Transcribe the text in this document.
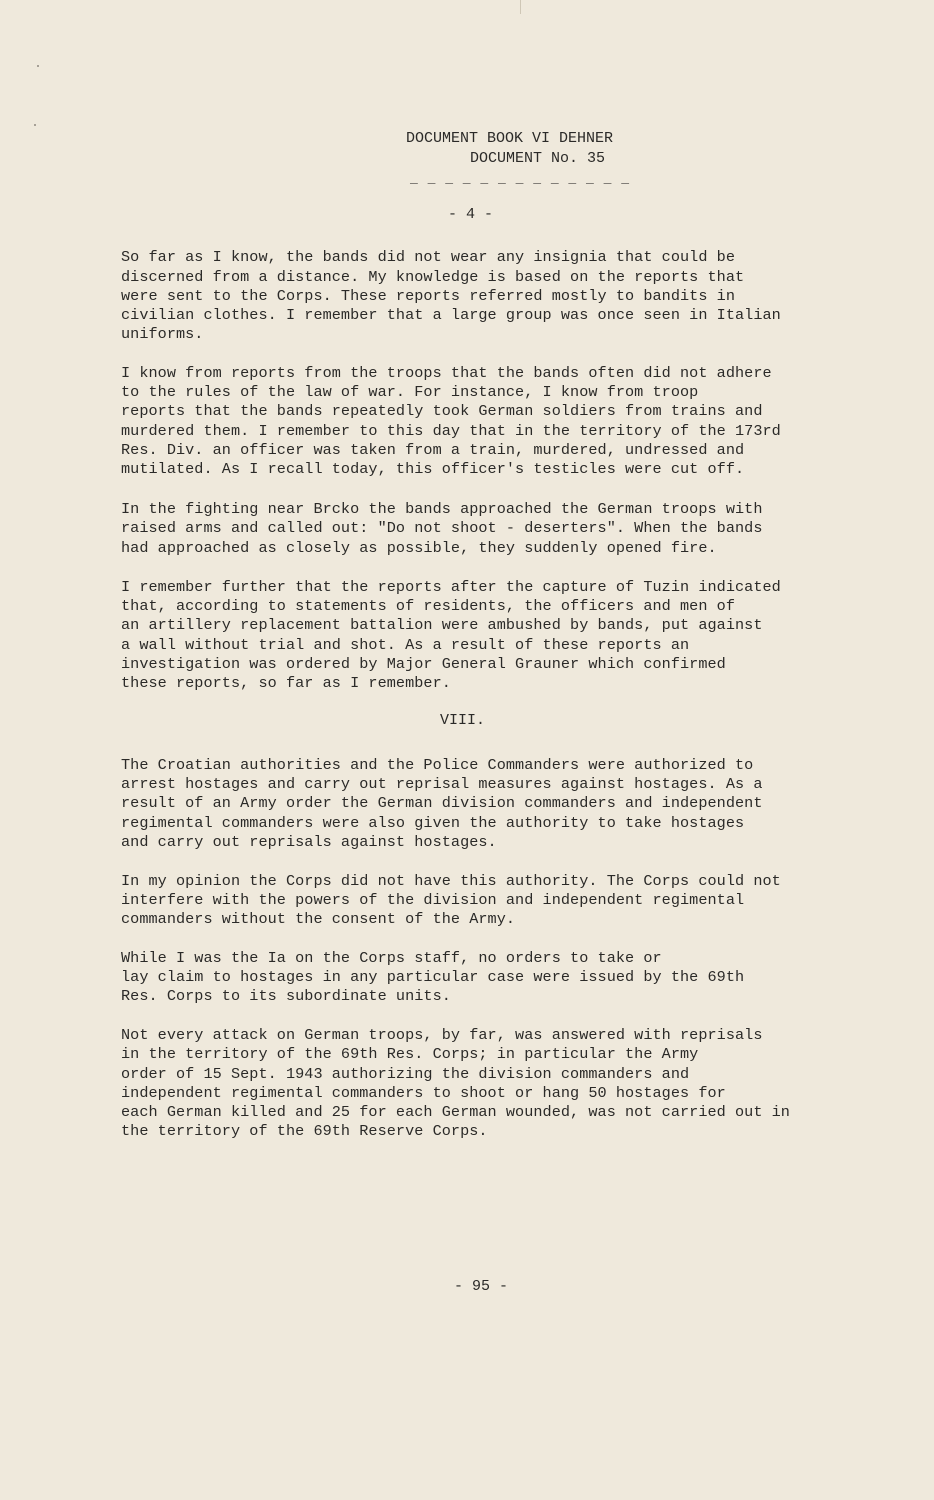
DOCUMENT BOOK VI DEHNER
DOCUMENT No. 35
_ _ _ _ _ _ _ _ _ _ _ _ _
- 4 -
So far as I know, the bands did not wear any insignia that could be
discerned from a distance. My knowledge is based on the reports that
were sent to the Corps. These reports referred mostly to bandits in
civilian clothes. I remember that a large group was once seen in Italian
uniforms.
I know from reports from the troops that the bands often did not adhere
to the rules of the law of war. For instance, I know from troop
reports that the bands repeatedly took German soldiers from trains and
murdered them. I remember to this day that in the territory of the 173rd
Res. Div. an officer was taken from a train, murdered, undressed and
mutilated. As I recall today, this officer's testicles were cut off.
In the fighting near Brcko the bands approached the German troops with
raised arms and called out: "Do not shoot - deserters". When the bands
had approached as closely as possible, they suddenly opened fire.
I remember further that the reports after the capture of Tuzin indicated
that, according to statements of residents, the officers and men of
an artillery replacement battalion were ambushed by bands, put against
a wall without trial and shot. As a result of these reports an
investigation was ordered by Major General Grauner which confirmed
these reports, so far as I remember.
VIII.
The Croatian authorities and the Police Commanders were authorized to
arrest hostages and carry out reprisal measures against hostages. As a
result of an Army order the German division commanders and independent
regimental commanders were also given the authority to take hostages
and carry out reprisals against hostages.
In my opinion the Corps did not have this authority. The Corps could not
interfere with the powers of the division and independent regimental
commanders without the consent of the Army.
While I was the Ia on the Corps staff, no orders to take or
lay claim to hostages in any particular case were issued by the 69th
Res. Corps to its subordinate units.
Not every attack on German troops, by far, was answered with reprisals
in the territory of the 69th Res. Corps; in particular the Army
order of 15 Sept. 1943 authorizing the division commanders and
independent regimental commanders to shoot or hang 50 hostages for
each German killed and 25 for each German wounded, was not carried out in
the territory of the 69th Reserve Corps.
- 95 -
